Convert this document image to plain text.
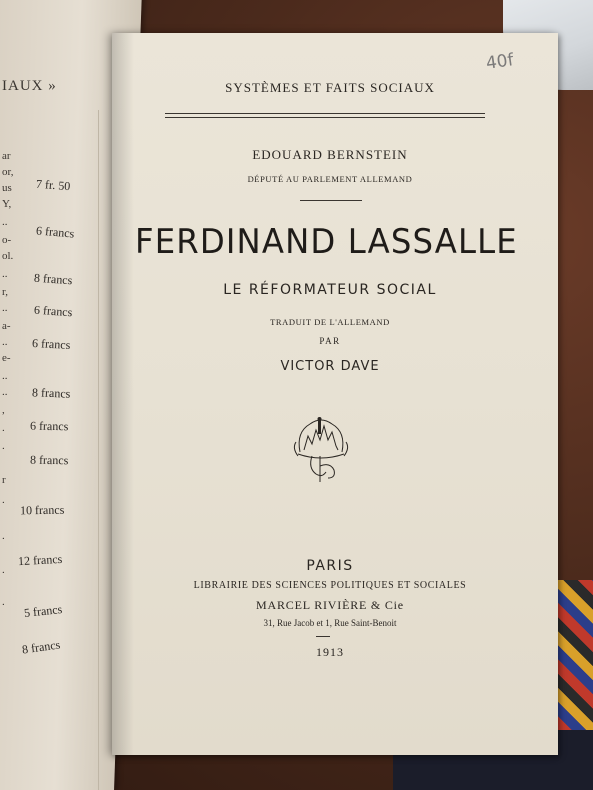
IAUX »
ar
or,
us
Y,
..
o-
ol.
..
r,
..
a-
..
e-
..
..
,
.
.
r
.
.
.
.
7 fr. 50
6 francs
8 francs
6 francs
6 francs
8 francs
6 francs
8 francs
10 francs
12 francs
5 francs
8 francs
40f
SYSTÈMES ET FAITS SOCIAUX
EDOUARD BERNSTEIN
DÉPUTÉ AU PARLEMENT ALLEMAND
FERDINAND LASSALLE
LE RÉFORMATEUR SOCIAL
TRADUIT DE L'ALLEMAND
PAR
VICTOR DAVE
PARIS
LIBRAIRIE DES SCIENCES POLITIQUES ET SOCIALES
MARCEL RIVIÈRE & Cie
31, Rue Jacob et 1, Rue Saint-Benoit
1913
